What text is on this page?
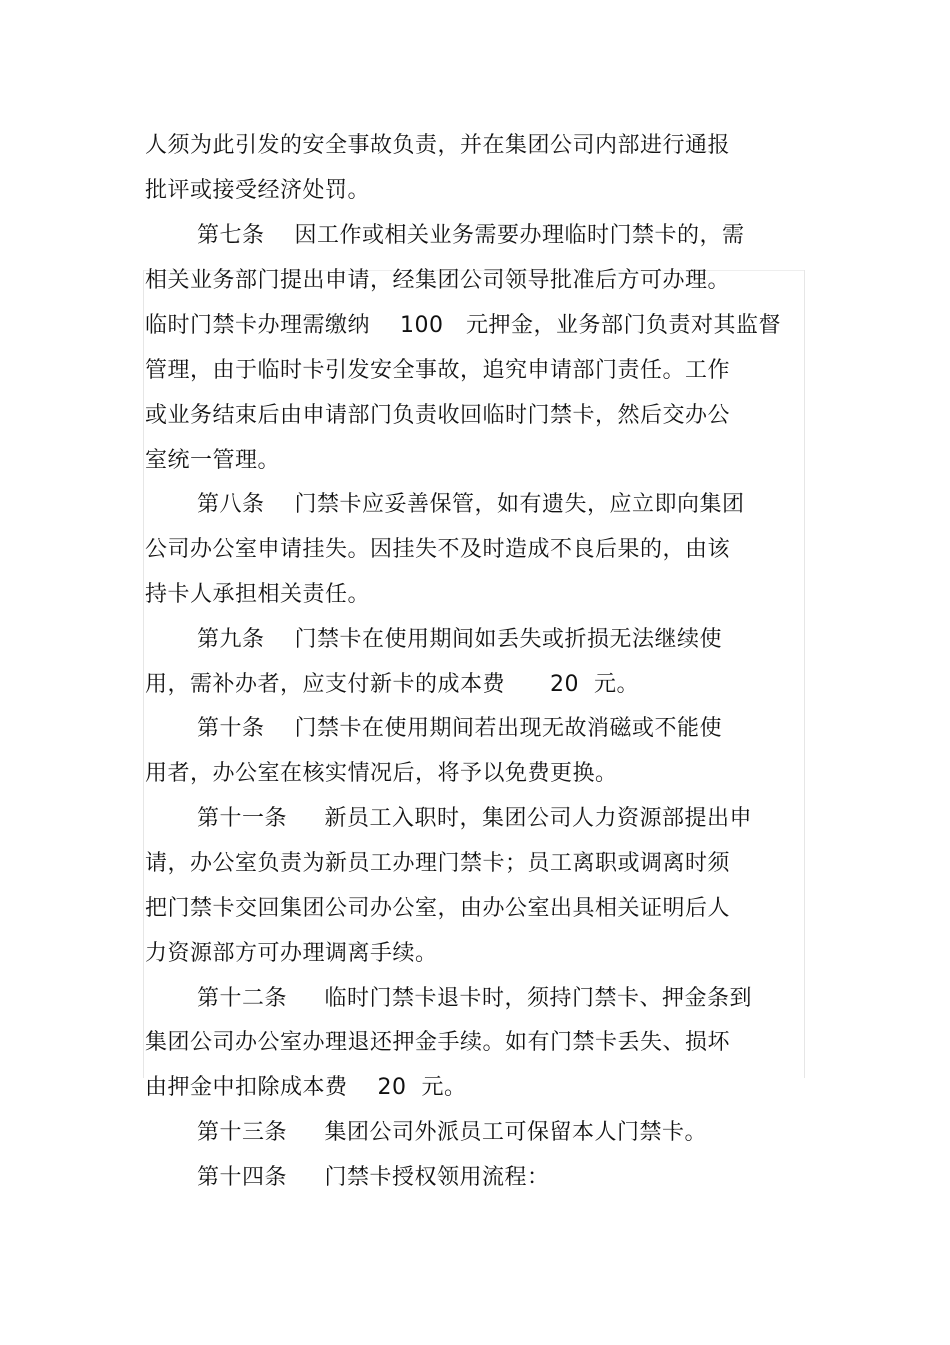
人须为此引发的安全事故负责，并在集团公司内部进行通报
批评或接受经济处罚。
第七条    因工作或相关业务需要办理临时门禁卡的，需
相关业务部门提出申请，经集团公司领导批准后方可办理。
临时门禁卡办理需缴纳    100   元押金，业务部门负责对其监督
管理，由于临时卡引发安全事故，追究申请部门责任。工作
或业务结束后由申请部门负责收回临时门禁卡，然后交办公
室统一管理。
第八条    门禁卡应妥善保管，如有遗失，应立即向集团
公司办公室申请挂失。因挂失不及时造成不良后果的，由该
持卡人承担相关责任。
第九条    门禁卡在使用期间如丢失或折损无法继续使
用，需补办者，应支付新卡的成本费      20  元。
第十条    门禁卡在使用期间若出现无故消磁或不能使
用者，办公室在核实情况后，将予以免费更换。
第十一条     新员工入职时，集团公司人力资源部提出申
请，办公室负责为新员工办理门禁卡；员工离职或调离时须
把门禁卡交回集团公司办公室，由办公室出具相关证明后人
力资源部方可办理调离手续。
第十二条     临时门禁卡退卡时，须持门禁卡、押金条到
集团公司办公室办理退还押金手续。如有门禁卡丢失、损坏
由押金中扣除成本费    20  元。
第十三条     集团公司外派员工可保留本人门禁卡。
第十四条     门禁卡授权领用流程：
